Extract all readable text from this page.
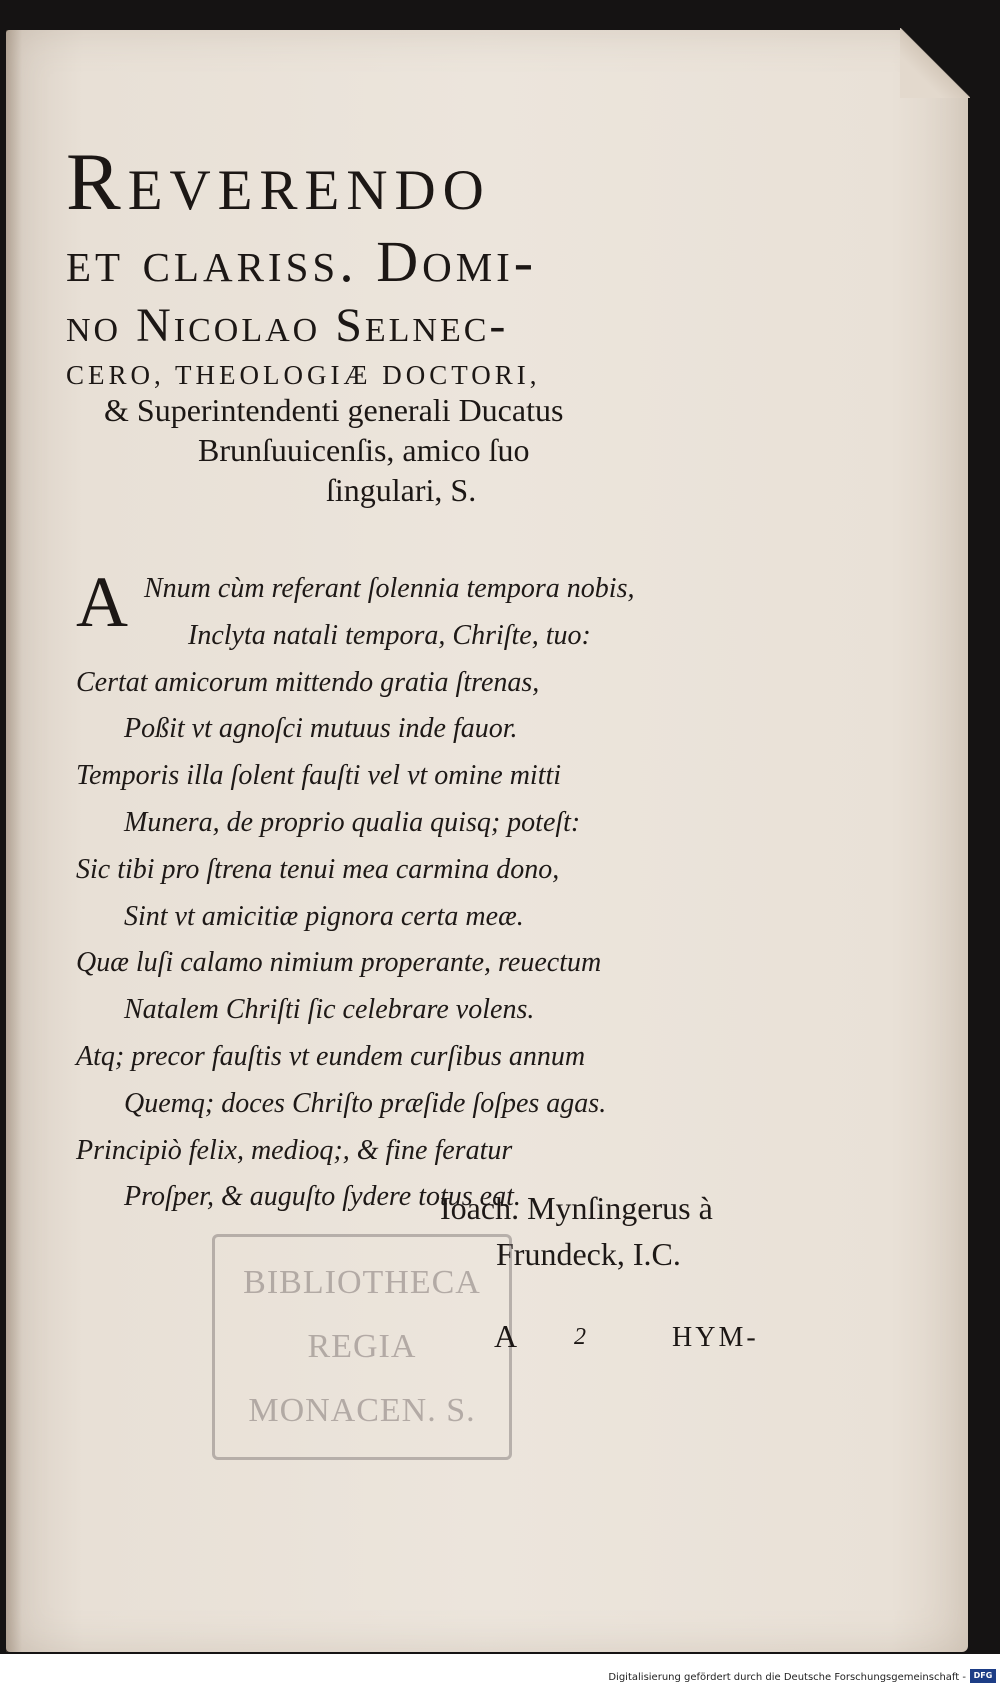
Reverendo
et clariss. Domi-
no Nicolao Selnec-
CERO, THEOLOGIÆ DOCTORI,
& Superintendenti generali Ducatus
Brunſuuicenſis, amico ſuo
ſingulari, S.
A Nnum cùm referant ſolennia tempora nobis,
Inclyta natali tempora, Chriſte, tuo:
Certat amicorum mittendo gratia ſtrenas,
Poßit vt agnoſci mutuus inde fauor.
Temporis illa ſolent fauſti vel vt omine mitti
Munera, de proprio qualia quisq; poteſt:
Sic tibi pro ſtrena tenui mea carmina dono,
Sint vt amicitiæ pignora certa meæ.
Quæ luſi calamo nimium properante, reuectum
Natalem Chriſti ſic celebrare volens.
Atq; precor fauſtis vt eundem curſibus annum
Quemq; doces Chriſto præſide ſoſpes agas.
Principiò felix, medioq;, & fine feratur
Proſper, & auguſto ſydere totus eat.
Ioach. Mynſingerus à
Frundeck, I.C.
BIBLIOTHECA
REGIA
MONACEN. S.
A 2	HYM-
Digitalisierung gefördert durch die Deutsche Forschungsgemeinschaft - DFG
